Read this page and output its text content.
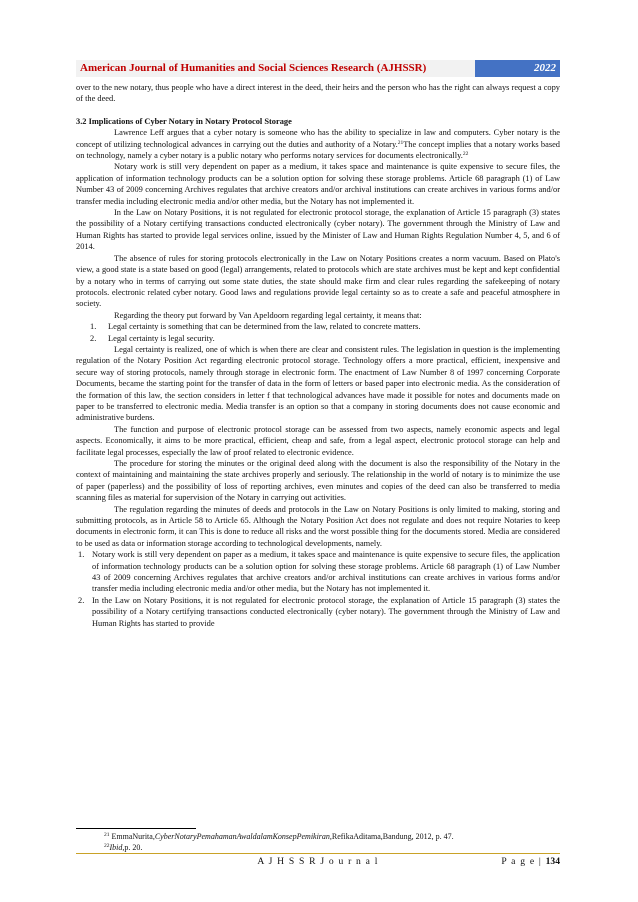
American Journal of Humanities and Social Sciences Research (AJHSSR)	2022

over to the new notary, thus people who have a direct interest in the deed, their heirs and the person who has the right can always request a copy of the deed.

3.2 Implications of Cyber Notary in Notary Protocol Storage

Lawrence Leff argues that a cyber notary is someone who has the ability to specialize in law and computers. Cyber notary is the concept of utilizing technological advances in carrying out the duties and authority of a Notary.$^{21}$The concept implies that a notary works based on technology, namely a cyber notary is a public notary who performs notary services for documents electronically.$^{22}$

Notary work is still very dependent on paper as a medium, it takes space and maintenance is quite expensive to secure files, the application of information technology products can be a solution option for solving these storage problems. Article 68 paragraph (1) of Law Number 43 of 2009 concerning Archives regulates that archive creators and/or archival institutions can create archives in various forms and/or transfer media including electronic media and/or other media, but the Notary has not implemented it.

In the Law on Notary Positions, it is not regulated for electronic protocol storage, the explanation of Article 15 paragraph (3) states the possibility of a Notary certifying transactions conducted electronically (cyber notary). The government through the Ministry of Law and Human Rights has started to provide legal services online, issued by the Minister of Law and Human Rights Regulation Number 4, 5, and 6 of 2014.

The absence of rules for storing protocols electronically in the Law on Notary Positions creates a norm vacuum. Based on Plato's view, a good state is a state based on good (legal) arrangements, related to protocols which are state archives must be kept and kept confidential by a notary who in terms of carrying out some state duties, the state should make firm and clear rules regarding the safekeeping of notary protocols. electronic related cyber notary. Good laws and regulations provide legal certainty so as to create a safe and peaceful atmosphere in society.

Regarding the theory put forward by Van Apeldoorn regarding legal certainty, it means that:

1.	Legal certainty is something that can be determined from the law, related to concrete matters.
2.	Legal certainty is legal security.

Legal certainty is realized, one of which is when there are clear and consistent rules. The legislation in question is the implementing regulation of the Notary Position Act regarding electronic protocol storage. Technology offers a more practical, efficient, inexpensive and secure way of storing protocols, namely through storage in electronic form. The enactment of Law Number 8 of 1997 concerning Corporate Documents, became the starting point for the transfer of data in the form of letters or based paper into electronic media. As the consideration of the formation of this law, the section considers in letter f that technological advances have made it possible for notes and documents made on paper to be transferred to electronic media. Media transfer is an option so that a company in storing documents does not cause economic and administrative burdens.

The function and purpose of electronic protocol storage can be assessed from two aspects, namely economic aspects and legal aspects. Economically, it aims to be more practical, efficient, cheap and safe, from a legal aspect, electronic protocol storage can help and facilitate legal processes, especially the law of proof related to electronic evidence.

The procedure for storing the minutes or the original deed along with the document is also the responsibility of the Notary in the context of maintaining and maintaining the state archives properly and seriously. The relationship in the world of notary is to minimize the use of paper (paperless) and the possibility of loss of reporting archives, even minutes and copies of the deed can also be transferred to media scanning files as material for supervision of the Notary in carrying out activities.

The regulation regarding the minutes of deeds and protocols in the Law on Notary Positions is only limited to making, storing and submitting protocols, as in Article 58 to Article 65. Although the Notary Position Act does not regulate and does not require Notaries to keep documents in electronic form, it can This is done to reduce all risks and the worst possible thing for the documents stored. Media are considered to be used as data or information storage according to technological developments, namely.

1. Notary work is still very dependent on paper as a medium, it takes space and maintenance is quite expensive to secure files, the application of information technology products can be a solution option for solving these storage problems. Article 68 paragraph (1) of Law Number 43 of 2009 concerning Archives regulates that archive creators and/or archival institutions can create archives in various forms and/or transfer media including electronic media and/or other media, but the Notary has not implemented it.
2. In the Law on Notary Positions, it is not regulated for electronic protocol storage, the explanation of Article 15 paragraph (3) states the possibility of a Notary certifying transactions conducted electronically (cyber notary). The government through the Ministry of Law and Human Rights has started to provide
$^{21}$ EmmaNurita,CyberNotaryPemahamanAwaldalamKonsepPemikiran,RefikaAditama,Bandung, 2012, p. 47.
$^{22}$Ibid,p. 20.
A J H S S R J o u r n a l	P a g e | 134
